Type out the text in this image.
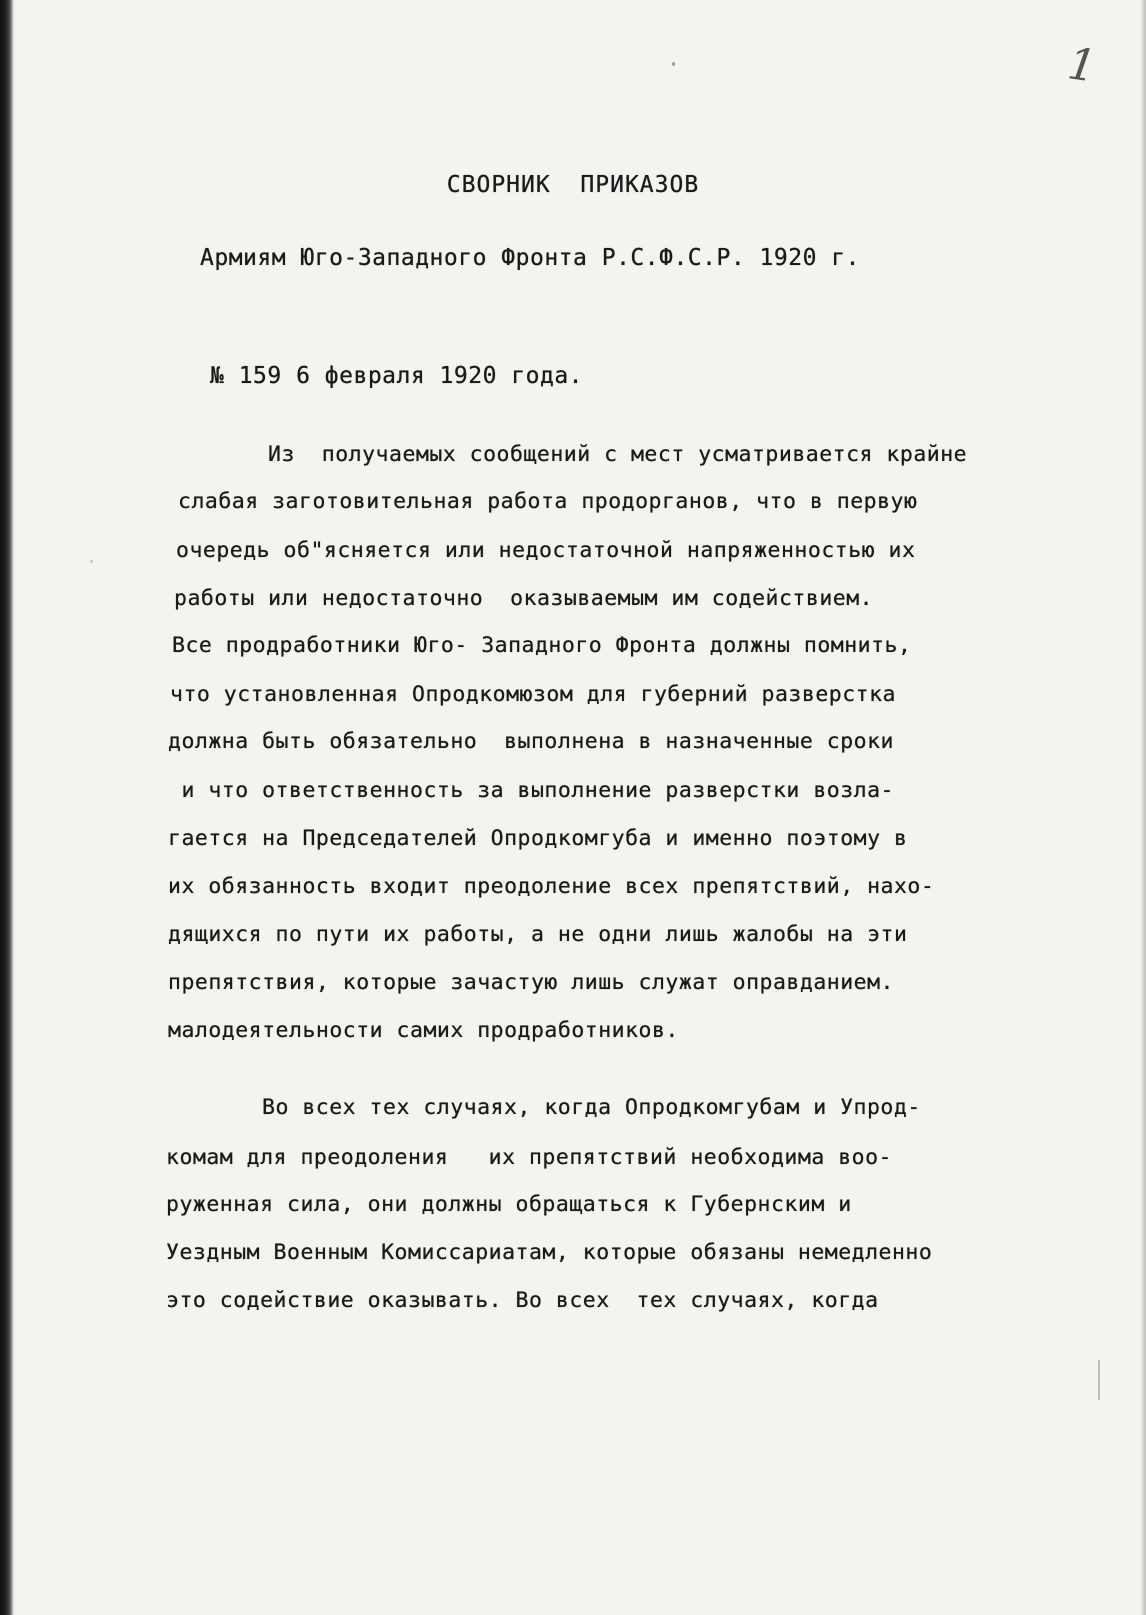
1
СВОРНИК  ПРИКАЗОВ
Армиям Юго-Западного Фронта Р.С.Ф.С.Р. 1920 г.
№ 159 6 февраля 1920 года.
Из  получаемых сообщений с мест усматривается крайне
слабая заготовительная работа продорганов, что в первую
очередь об"ясняется или недостаточной напряженностью их
работы или недостаточно  оказываемым им содействием.
Все продработники Юго- Западного Фронта должны помнить,
что установленная Опродкомюзом для губерний разверстка
должна быть обязательно  выполнена в назначенные сроки
и что ответственность за выполнение разверстки возла-
гается на Председателей Опродкомгуба и именно поэтому в
их обязанность входит преодоление всех препятствий, нахо-
дящихся по пути их работы, а не одни лишь жалобы на эти
препятствия, которые зачастую лишь служат оправданием.
малодеятельности самих продработников.
Во всех тех случаях, когда Опродкомгубам и Упрод-
комам для преодоления   их препятствий необходима воо-
руженная сила, они должны обращаться к Губернским и
Уездным Военным Комиссариатам, которые обязаны немедленно
это содействие оказывать. Во всех  тех случаях, когда
